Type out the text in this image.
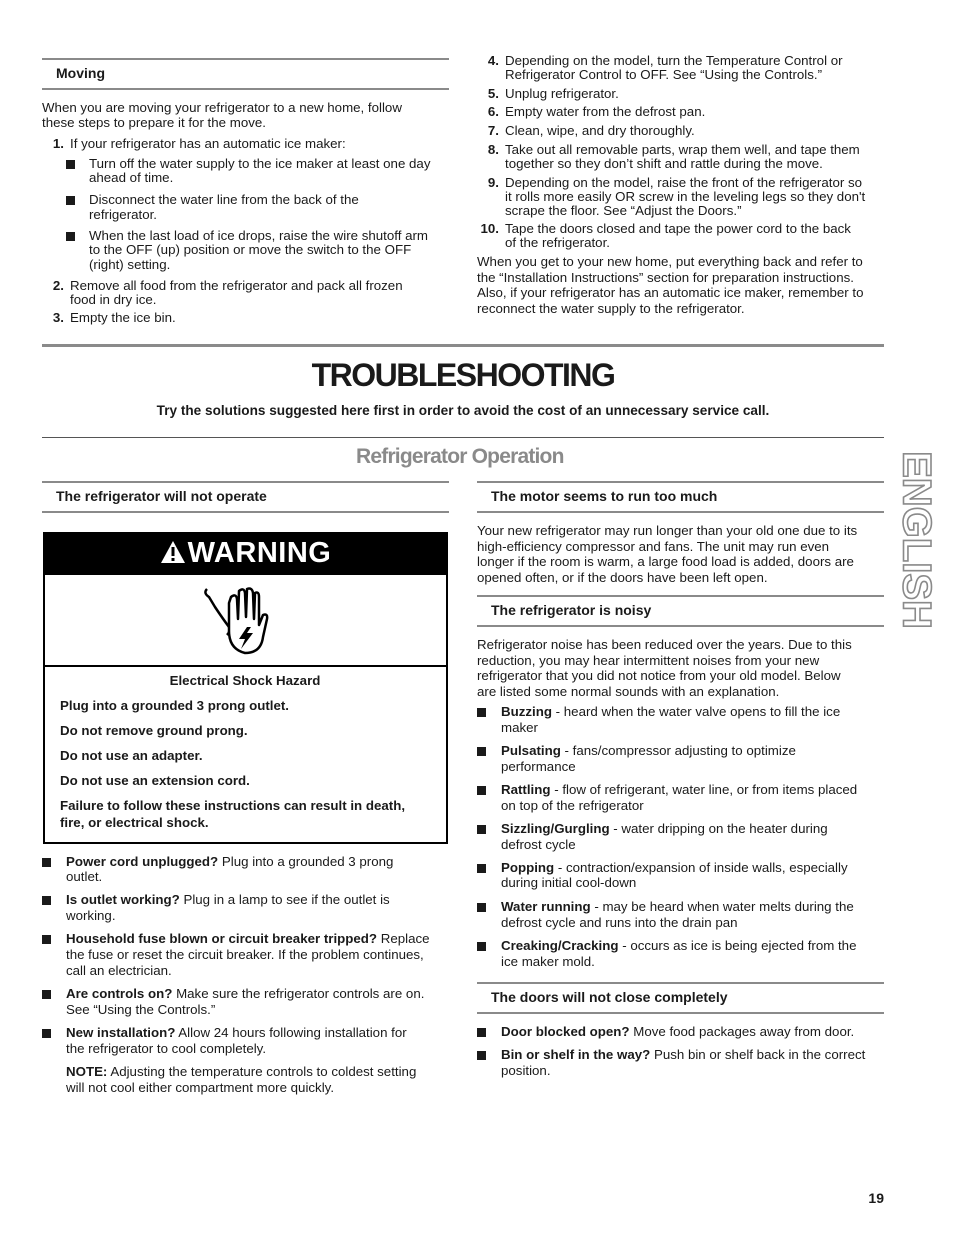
Moving
When you are moving your refrigerator to a new home, follow
these steps to prepare it for the move.
1. If your refrigerator has an automatic ice maker:
Turn off the water supply to the ice maker at least one day
ahead of time.
Disconnect the water line from the back of the
refrigerator.
When the last load of ice drops, raise the wire shutoff arm
to the OFF (up) position or move the switch to the OFF
(right) setting.
2. Remove all food from the refrigerator and pack all frozen
food in dry ice.
3. Empty the ice bin.
4. Depending on the model, turn the Temperature Control or
Refrigerator Control to OFF. See “Using the Controls.”
5. Unplug refrigerator.
6. Empty water from the defrost pan.
7. Clean, wipe, and dry thoroughly.
8. Take out all removable parts, wrap them well, and tape them
together so they don’t shift and rattle during the move.
9. Depending on the model, raise the front of the refrigerator so
it rolls more easily OR screw in the leveling legs so they don't
scrape the floor. See “Adjust the Doors.”
10. Tape the doors closed and tape the power cord to the back
of the refrigerator.
When you get to your new home, put everything back and refer to
the “Installation Instructions” section for preparation instructions.
Also, if your refrigerator has an automatic ice maker, remember to
reconnect the water supply to the refrigerator.
TROUBLESHOOTING
Try the solutions suggested here first in order to avoid the cost of an unnecessary service call.
Refrigerator Operation	ENGLISH
The refrigerator will not operate
WARNING
Electrical Shock Hazard
Plug into a grounded 3 prong outlet.
Do not remove ground prong.
Do not use an adapter.
Do not use an extension cord.
Failure to follow these instructions can result in death,
fire, or electrical shock.
Power cord unplugged? Plug into a grounded 3 prong
outlet.
Is outlet working? Plug in a lamp to see if the outlet is
working.
Household fuse blown or circuit breaker tripped? Replace
the fuse or reset the circuit breaker. If the problem continues,
call an electrician.
Are controls on? Make sure the refrigerator controls are on.
See “Using the Controls.”
New installation? Allow 24 hours following installation for
the refrigerator to cool completely.
NOTE: Adjusting the temperature controls to coldest setting
will not cool either compartment more quickly.
The motor seems to run too much
Your new refrigerator may run longer than your old one due to its
high-efficiency compressor and fans. The unit may run even
longer if the room is warm, a large food load is added, doors are
opened often, or if the doors have been left open.
The refrigerator is noisy
Refrigerator noise has been reduced over the years. Due to this
reduction, you may hear intermittent noises from your new
refrigerator that you did not notice from your old model. Below
are listed some normal sounds with an explanation.
Buzzing - heard when the water valve opens to fill the ice
maker
Pulsating - fans/compressor adjusting to optimize
performance
Rattling - flow of refrigerant, water line, or from items placed
on top of the refrigerator
Sizzling/Gurgling - water dripping on the heater during
defrost cycle
Popping - contraction/expansion of inside walls, especially
during initial cool-down
Water running - may be heard when water melts during the
defrost cycle and runs into the drain pan
Creaking/Cracking - occurs as ice is being ejected from the
ice maker mold.
The doors will not close completely
Door blocked open? Move food packages away from door.
Bin or shelf in the way? Push bin or shelf back in the correct
position.
19
